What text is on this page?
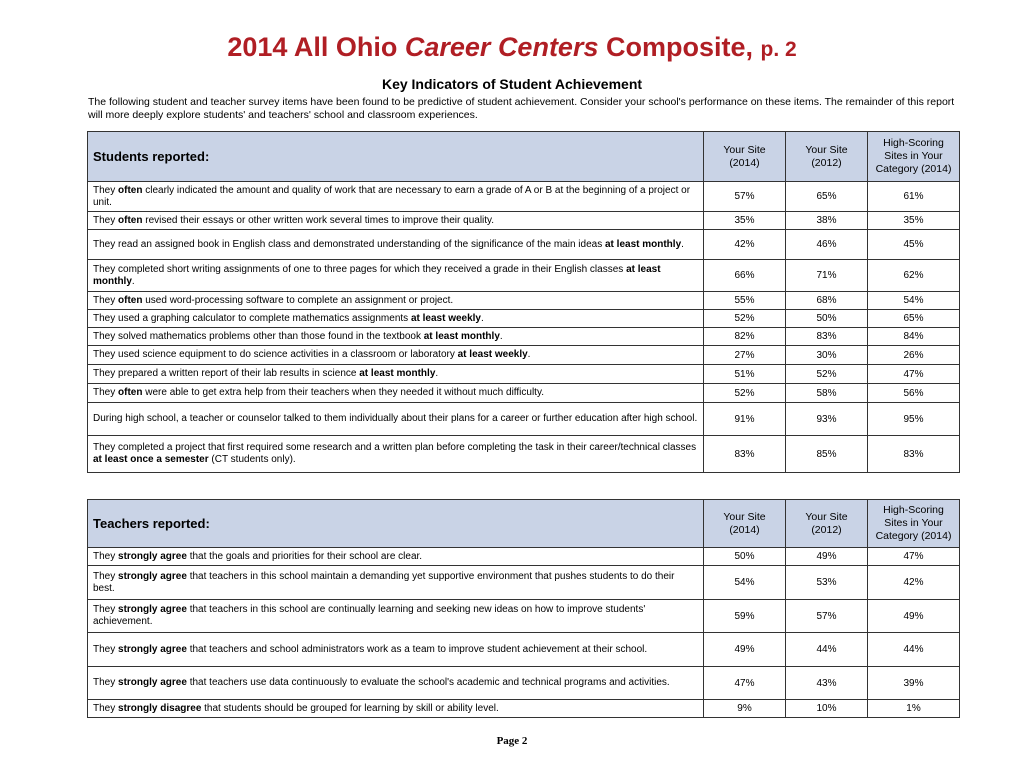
2014 All Ohio Career Centers Composite, p. 2
Key Indicators of Student Achievement
The following student and teacher survey items have been found to be predictive of student achievement. Consider your school's performance on these items. The remainder of this report will more deeply explore students' and teachers' school and classroom experiences.
Students reported:	Your Site (2014)	Your Site (2012)	High-Scoring Sites in Your Category (2014)
They often clearly indicated the amount and quality of work that are necessary to earn a grade of A or B at the beginning of a project or unit.	57%	65%	61%
They often revised their essays or other written work several times to improve their quality.	35%	38%	35%
They read an assigned book in English class and demonstrated understanding of the significance of the main ideas at least monthly.	42%	46%	45%
They completed short writing assignments of one to three pages for which they received a grade in their English classes at least monthly.	66%	71%	62%
They often used word-processing software to complete an assignment or project.	55%	68%	54%
They used a graphing calculator to complete mathematics assignments at least weekly.	52%	50%	65%
They solved mathematics problems other than those found in the textbook at least monthly.	82%	83%	84%
They used science equipment to do science activities in a classroom or laboratory at least weekly.	27%	30%	26%
They prepared a written report of their lab results in science at least monthly.	51%	52%	47%
They often were able to get extra help from their teachers when they needed it without much difficulty.	52%	58%	56%
During high school, a teacher or counselor talked to them individually about their plans for a career or further education after high school.	91%	93%	95%
They completed a project that first required some research and a written plan before completing the task in their career/technical classes at least once a semester (CT students only).	83%	85%	83%
Teachers reported:	Your Site (2014)	Your Site (2012)	High-Scoring Sites in Your Category (2014)
They strongly agree that the goals and priorities for their school are clear.	50%	49%	47%
They strongly agree that teachers in this school maintain a demanding yet supportive environment that pushes students to do their best.	54%	53%	42%
They strongly agree that teachers in this school are continually learning and seeking new ideas on how to improve students' achievement.	59%	57%	49%
They strongly agree that teachers and school administrators work as a team to improve student achievement at their school.	49%	44%	44%
They strongly agree that teachers use data continuously to evaluate the school's academic and technical programs and activities.	47%	43%	39%
They strongly disagree that students should be grouped for learning by skill or ability level.	9%	10%	1%
Page 2
